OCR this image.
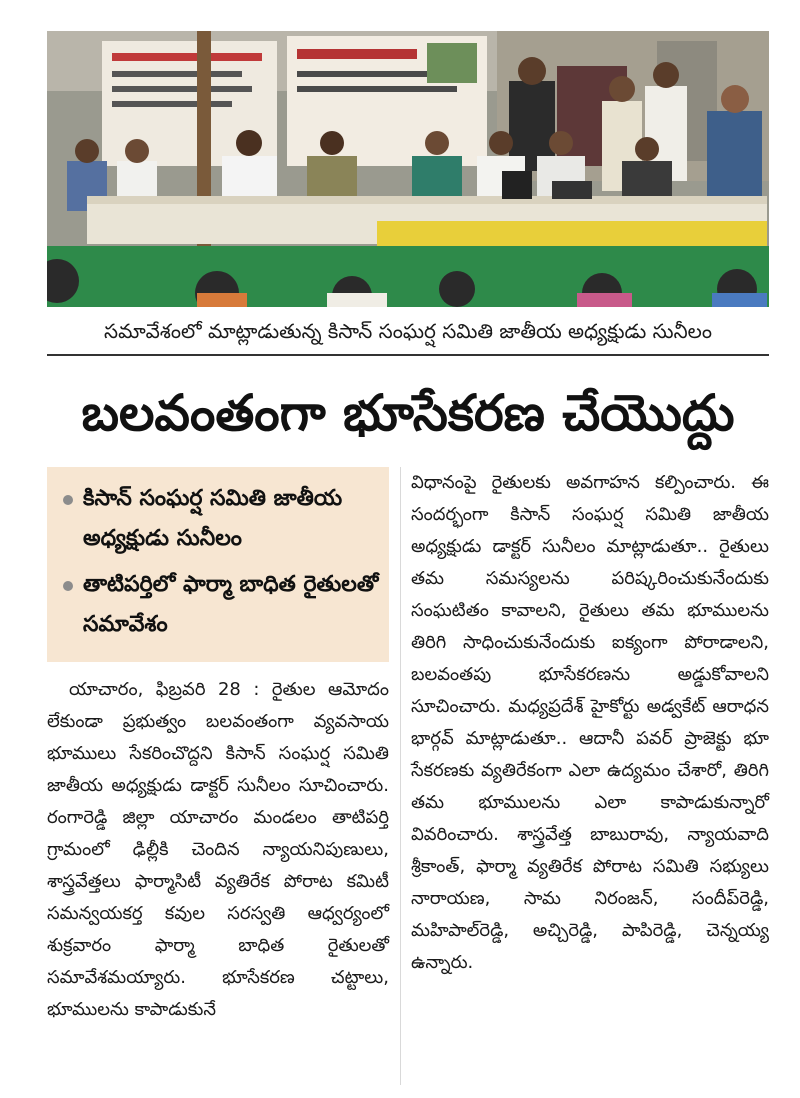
సమావేశంలో మాట్లాడుతున్న కిసాన్ సంఘర్ష సమితి జాతీయ అధ్యక్షుడు సునీలం
బలవంతంగా భూసేకరణ చేయొద్దు
కిసాన్ సంఘర్ష సమితి జాతీయ అధ్యక్షుడు సునీలం
తాటిపర్తిలో ఫార్మా బాధిత రైతులతో సమావేశం
యాచారం, ఫిబ్రవరి 28 : రైతుల ఆమోదం లేకుండా ప్రభుత్వం బలవంతంగా వ్యవసాయ భూములు సేకరించొద్దని కిసాన్ సంఘర్ష సమితి జాతీయ అధ్యక్షుడు డాక్టర్ సునీలం సూచించారు. రంగారెడ్డి జిల్లా యాచారం మండలం తాటిపర్తి గ్రామంలో ఢిల్లీకి చెందిన న్యాయనిపుణులు, శాస్త్రవేత్తలు ఫార్మాసిటీ వ్యతిరేక పోరాట కమిటీ సమన్వయకర్త కవుల సరస్వతి ఆధ్వర్యంలో శుక్రవారం ఫార్మా బాధిత రైతులతో సమావేశమయ్యారు. భూసేకరణ చట్టాలు, భూములను కాపాడుకునే
విధానంపై రైతులకు అవగాహన కల్పించారు. ఈ సందర్భంగా కిసాన్ సంఘర్ష సమితి జాతీయ అధ్యక్షుడు డాక్టర్ సునీలం మాట్లాడుతూ.. రైతులు తమ సమస్యలను పరిష్కరించుకునేందుకు సంఘటితం కావాలని, రైతులు తమ భూములను తిరిగి సాధించుకునేందుకు ఐక్యంగా పోరాడాలని, బలవంతపు భూసేకరణను అడ్డుకోవాలని సూచించారు. మధ్యప్రదేశ్ హైకోర్టు అడ్వకేట్ ఆరాధన భార్గవ్ మాట్లాడుతూ.. ఆదానీ పవర్ ప్రాజెక్టు భూ సేకరణకు వ్యతిరేకంగా ఎలా ఉద్యమం చేశారో, తిరిగి తమ భూములను ఎలా కాపాడుకున్నారో వివరించారు. శాస్త్రవేత్త బాబురావు, న్యాయవాది శ్రీకాంత్, ఫార్మా వ్యతిరేక పోరాట సమితి సభ్యులు నారాయణ, సామ నిరంజన్, సందీప్‌రెడ్డి, మహిపాల్‌రెడ్డి, అచ్చిరెడ్డి, పాపిరెడ్డి, చెన్నయ్య ఉన్నారు.
